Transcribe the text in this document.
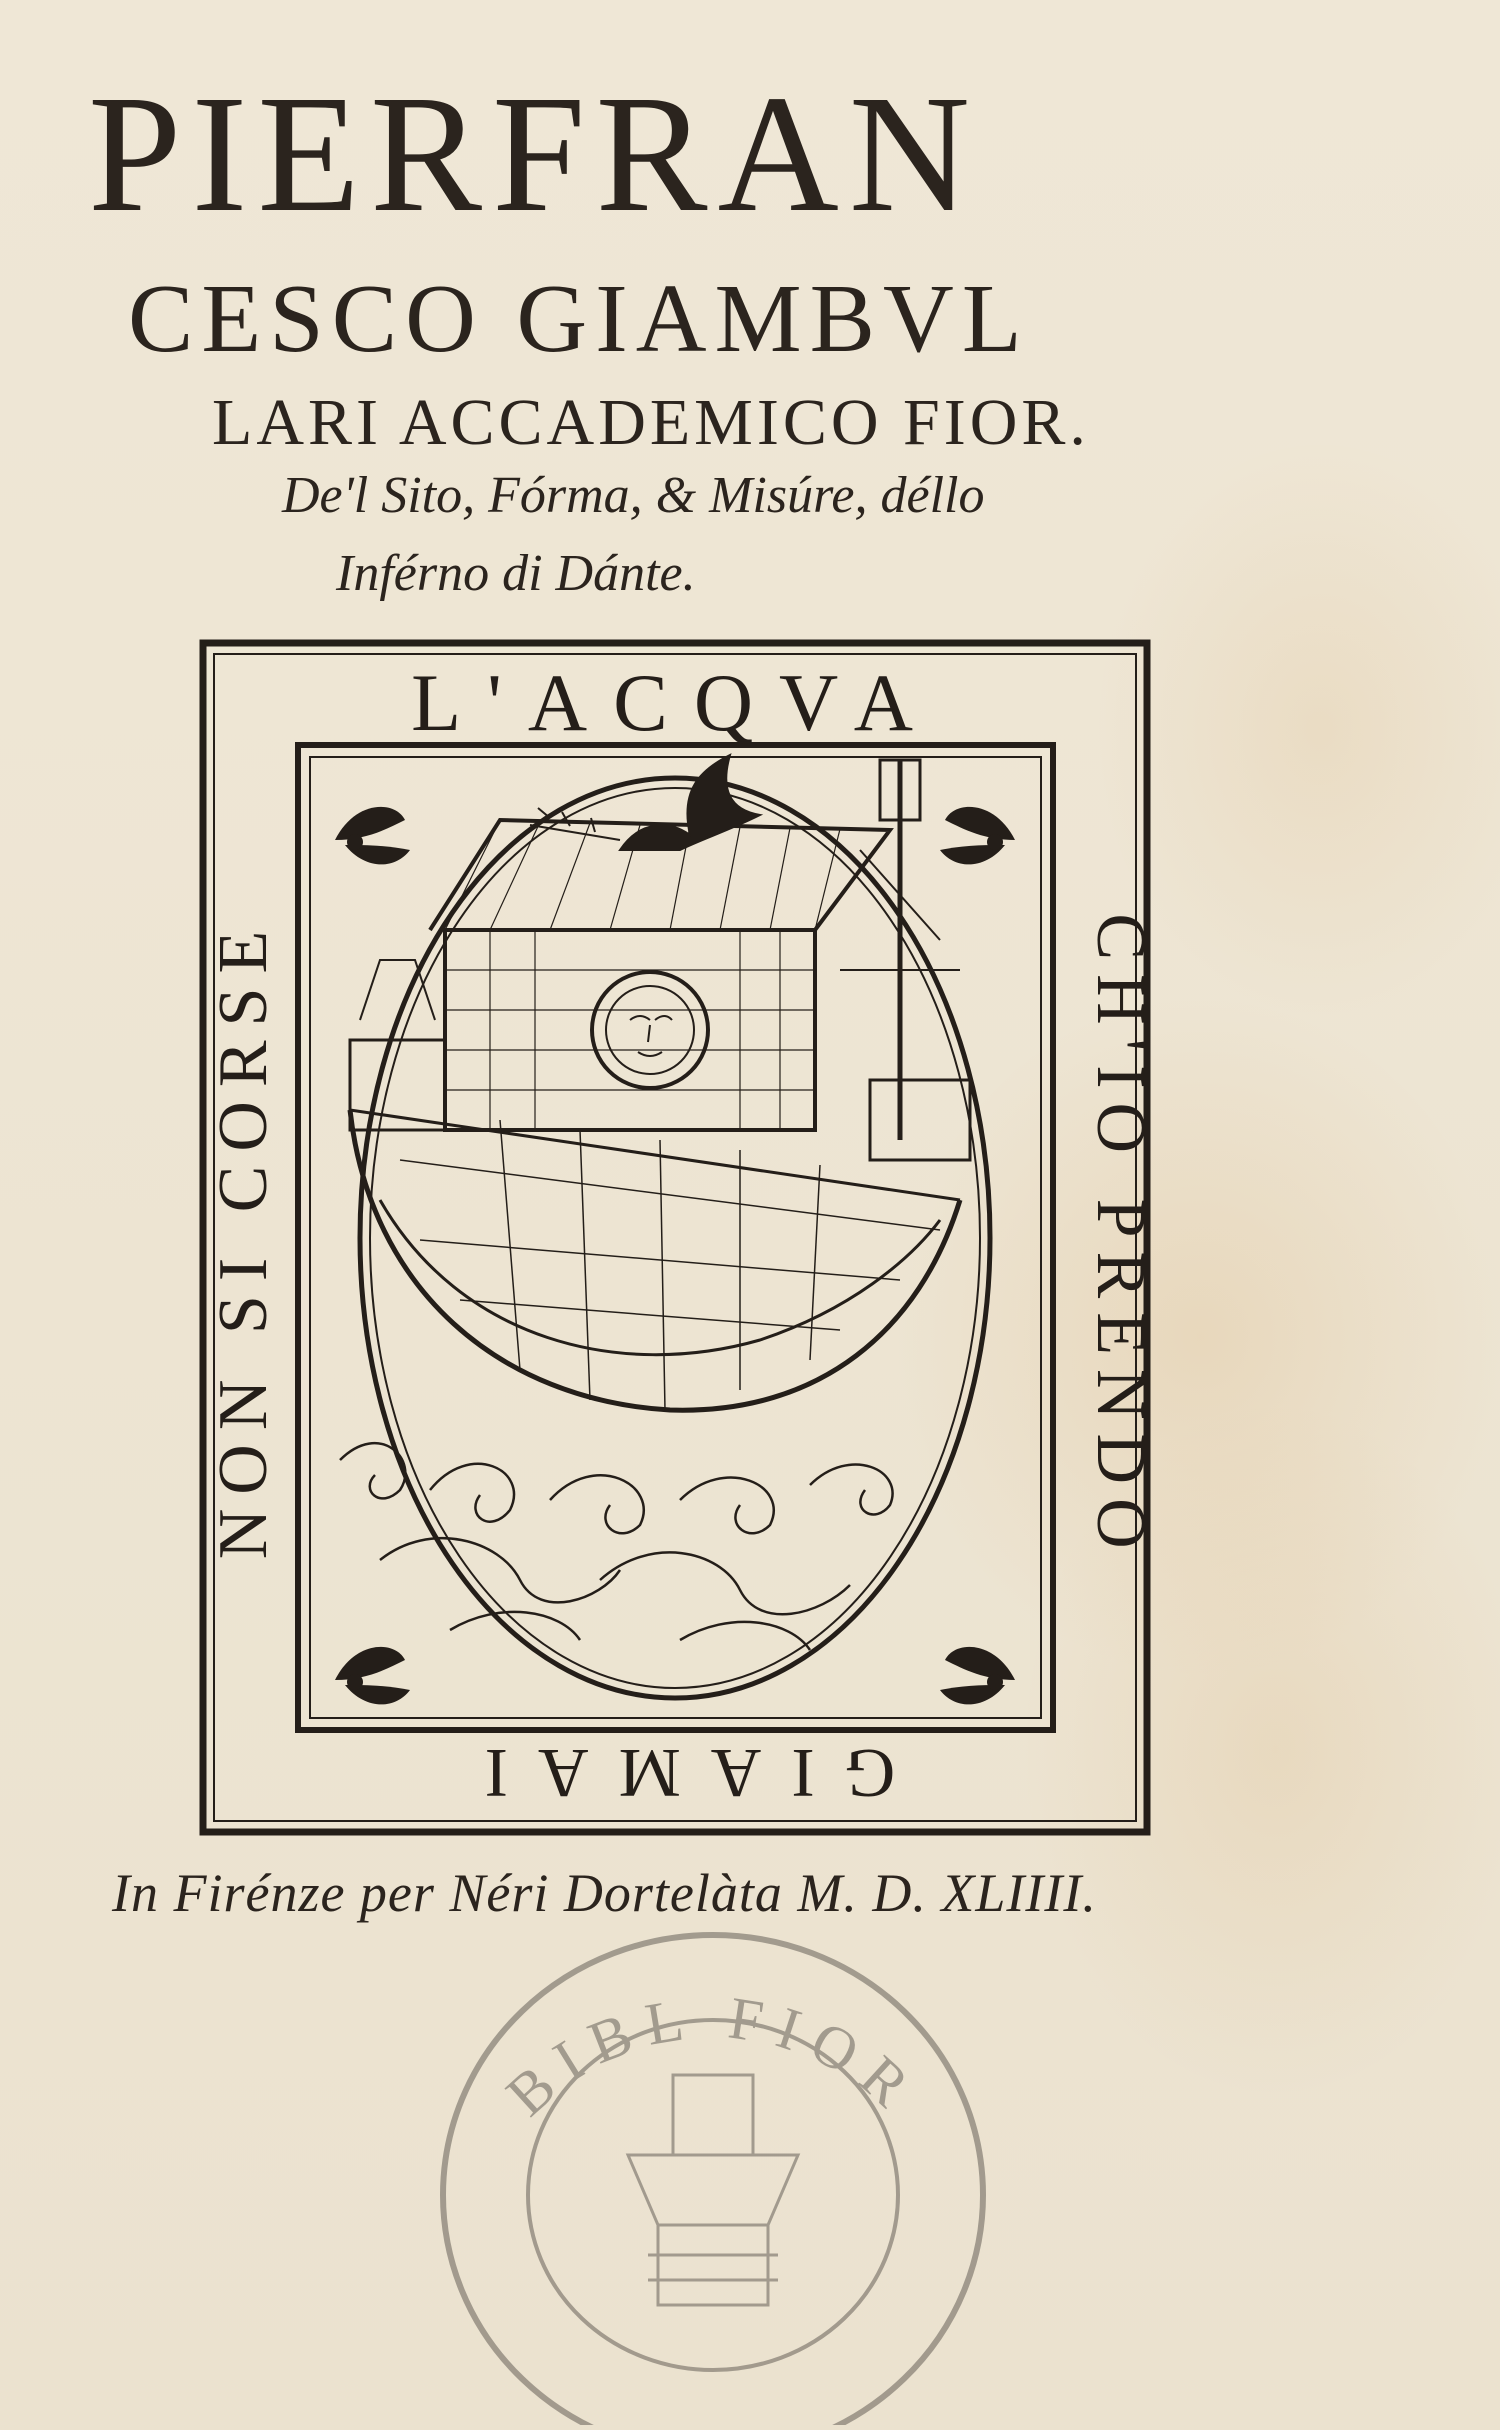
PIERFRAN
CESCO GIAMBVL
LARI ACCADEMICO FIOR.
De'l Sito, Fórma, & Misúre, déllo
Inférno di Dánte.
L'ACQVA
CH'IO PRENDO
GIAMAI
NON SI CORSE
In Firénze per Néri Dortelàta M. D. XLIIII.
BIBL FIOR
